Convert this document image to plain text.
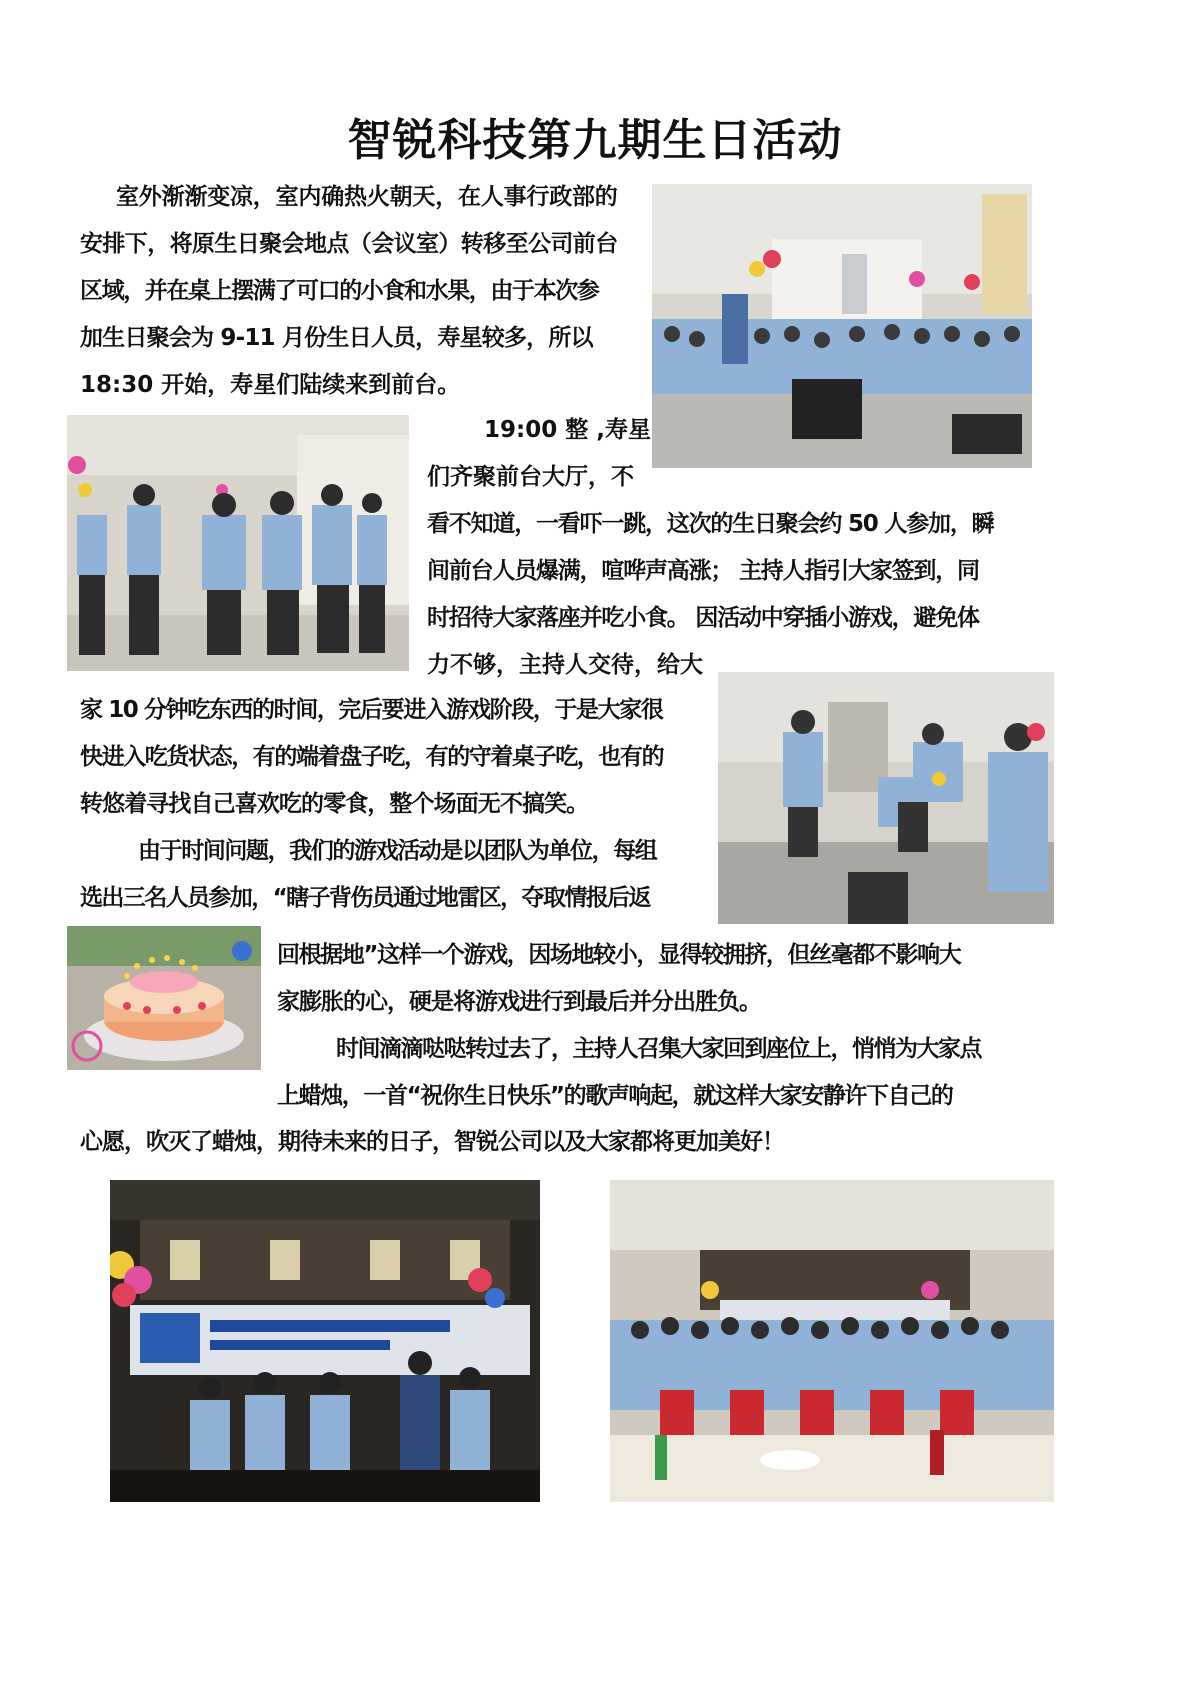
智锐科技第九期生日活动
室外渐渐变凉，室内确热火朝天，在人事行政部的
安排下，将原生日聚会地点（会议室）转移至公司前台
区域，并在桌上摆满了可口的小食和水果，由于本次参
加生日聚会为 9-11 月份生日人员，寿星较多，所以
18:30 开始，寿星们陆续来到前台。
19:00 整 ,寿星
们齐聚前台大厅，不
看不知道，一看吓一跳，这次的生日聚会约 50 人参加，瞬
间前台人员爆满，喧哗声高涨； 主持人指引大家签到，同
时招待大家落座并吃小食。 因活动中穿插小游戏，避免体
力不够，主持人交待，给大
家 10 分钟吃东西的时间，完后要进入游戏阶段，于是大家很
快进入吃货状态，有的端着盘子吃，有的守着桌子吃，也有的
转悠着寻找自己喜欢吃的零食，整个场面无不搞笑。
由于时间问题，我们的游戏活动是以团队为单位，每组
选出三名人员参加，“瞎子背伤员通过地雷区，夺取情报后返
回根据地”这样一个游戏，因场地较小，显得较拥挤，但丝毫都不影响大
家膨胀的心，硬是将游戏进行到最后并分出胜负。
时间滴滴哒哒转过去了，主持人召集大家回到座位上，悄悄为大家点
上蜡烛，一首“祝你生日快乐”的歌声响起，就这样大家安静许下自己的
心愿，吹灭了蜡烛，期待未来的日子，智锐公司以及大家都将更加美好！
